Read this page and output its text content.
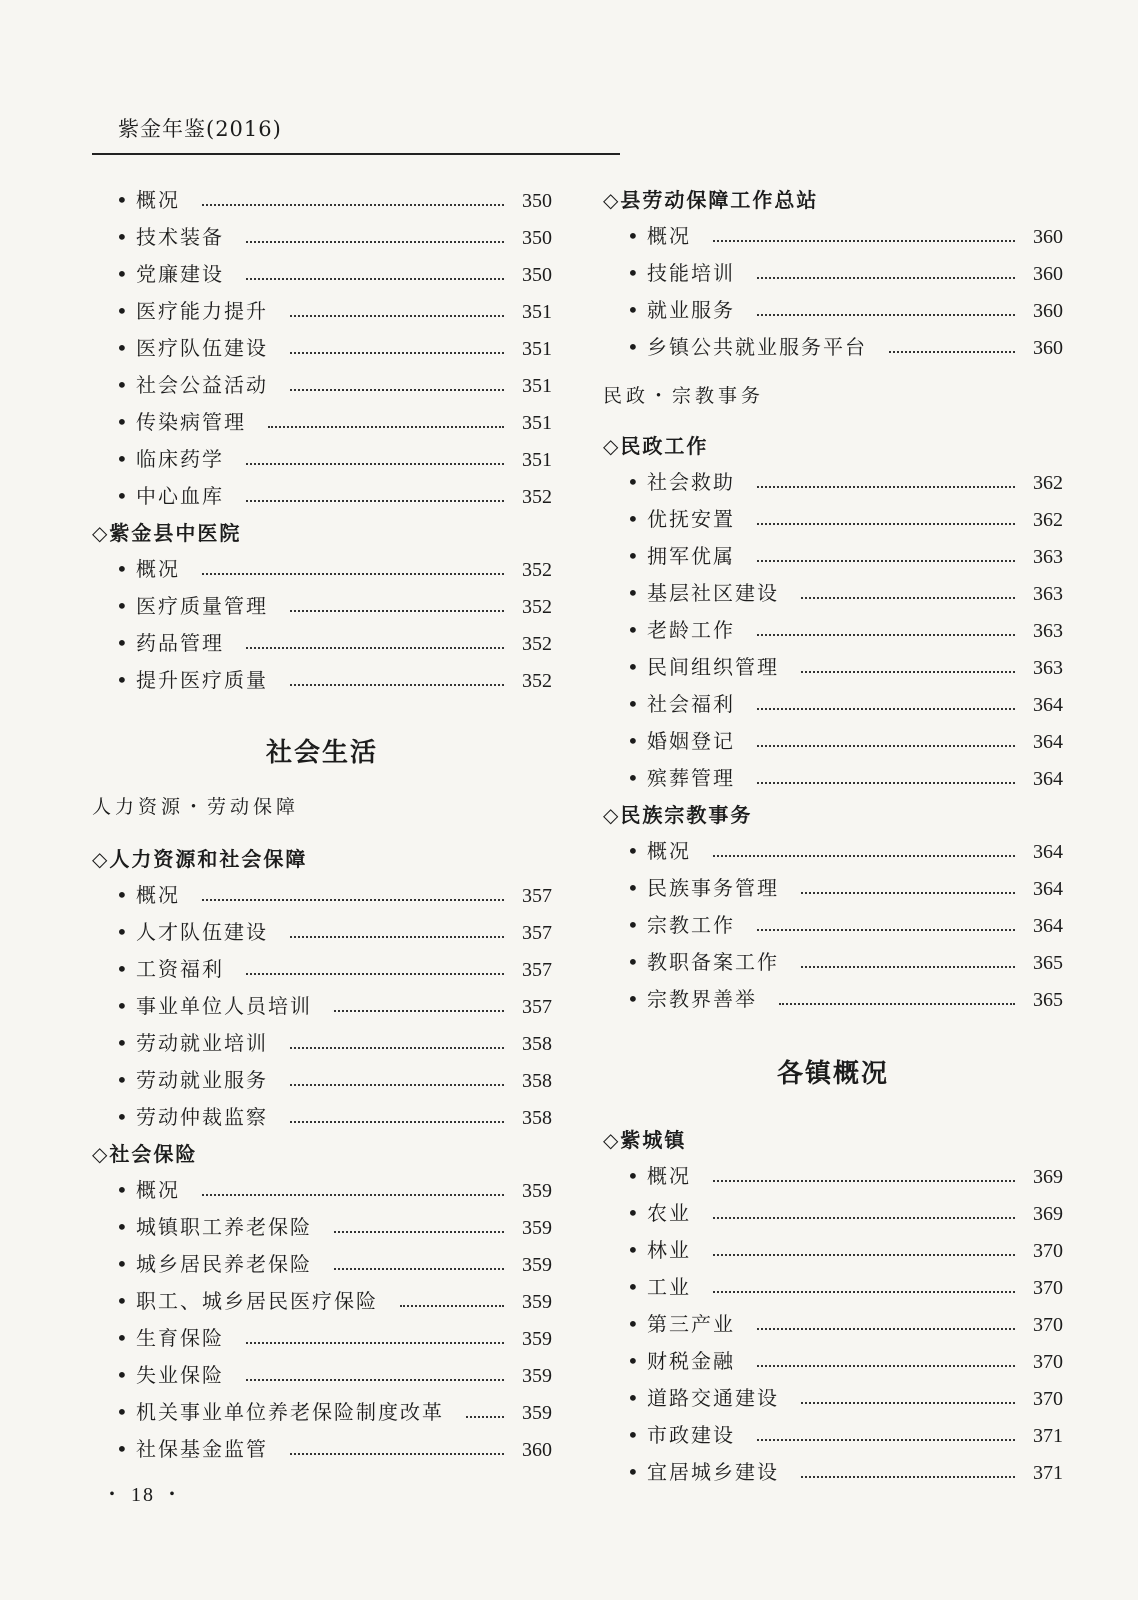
紫金年鉴(2016)
• 概况	350
• 技术装备	350
• 党廉建设	350
• 医疗能力提升	351
• 医疗队伍建设	351
• 社会公益活动	351
• 传染病管理	351
• 临床药学	351
• 中心血库	352
◇紫金县中医院
• 概况	352
• 医疗质量管理	352
• 药品管理	352
• 提升医疗质量	352
社会生活
人力资源・劳动保障
◇人力资源和社会保障
• 概况	357
• 人才队伍建设	357
• 工资福利	357
• 事业单位人员培训	357
• 劳动就业培训	358
• 劳动就业服务	358
• 劳动仲裁监察	358
◇社会保险
• 概况	359
• 城镇职工养老保险	359
• 城乡居民养老保险	359
• 职工、城乡居民医疗保险	359
• 生育保险	359
• 失业保险	359
• 机关事业单位养老保险制度改革	359
• 社保基金监管	360
◇县劳动保障工作总站
• 概况	360
• 技能培训	360
• 就业服务	360
• 乡镇公共就业服务平台	360
民政・宗教事务
◇民政工作
• 社会救助	362
• 优抚安置	362
• 拥军优属	363
• 基层社区建设	363
• 老龄工作	363
• 民间组织管理	363
• 社会福利	364
• 婚姻登记	364
• 殡葬管理	364
◇民族宗教事务
• 概况	364
• 民族事务管理	364
• 宗教工作	364
• 教职备案工作	365
• 宗教界善举	365
各镇概况
◇紫城镇
• 概况	369
• 农业	369
• 林业	370
• 工业	370
• 第三产业	370
• 财税金融	370
• 道路交通建设	370
• 市政建设	371
• 宜居城乡建设	371
・ 18 ・
